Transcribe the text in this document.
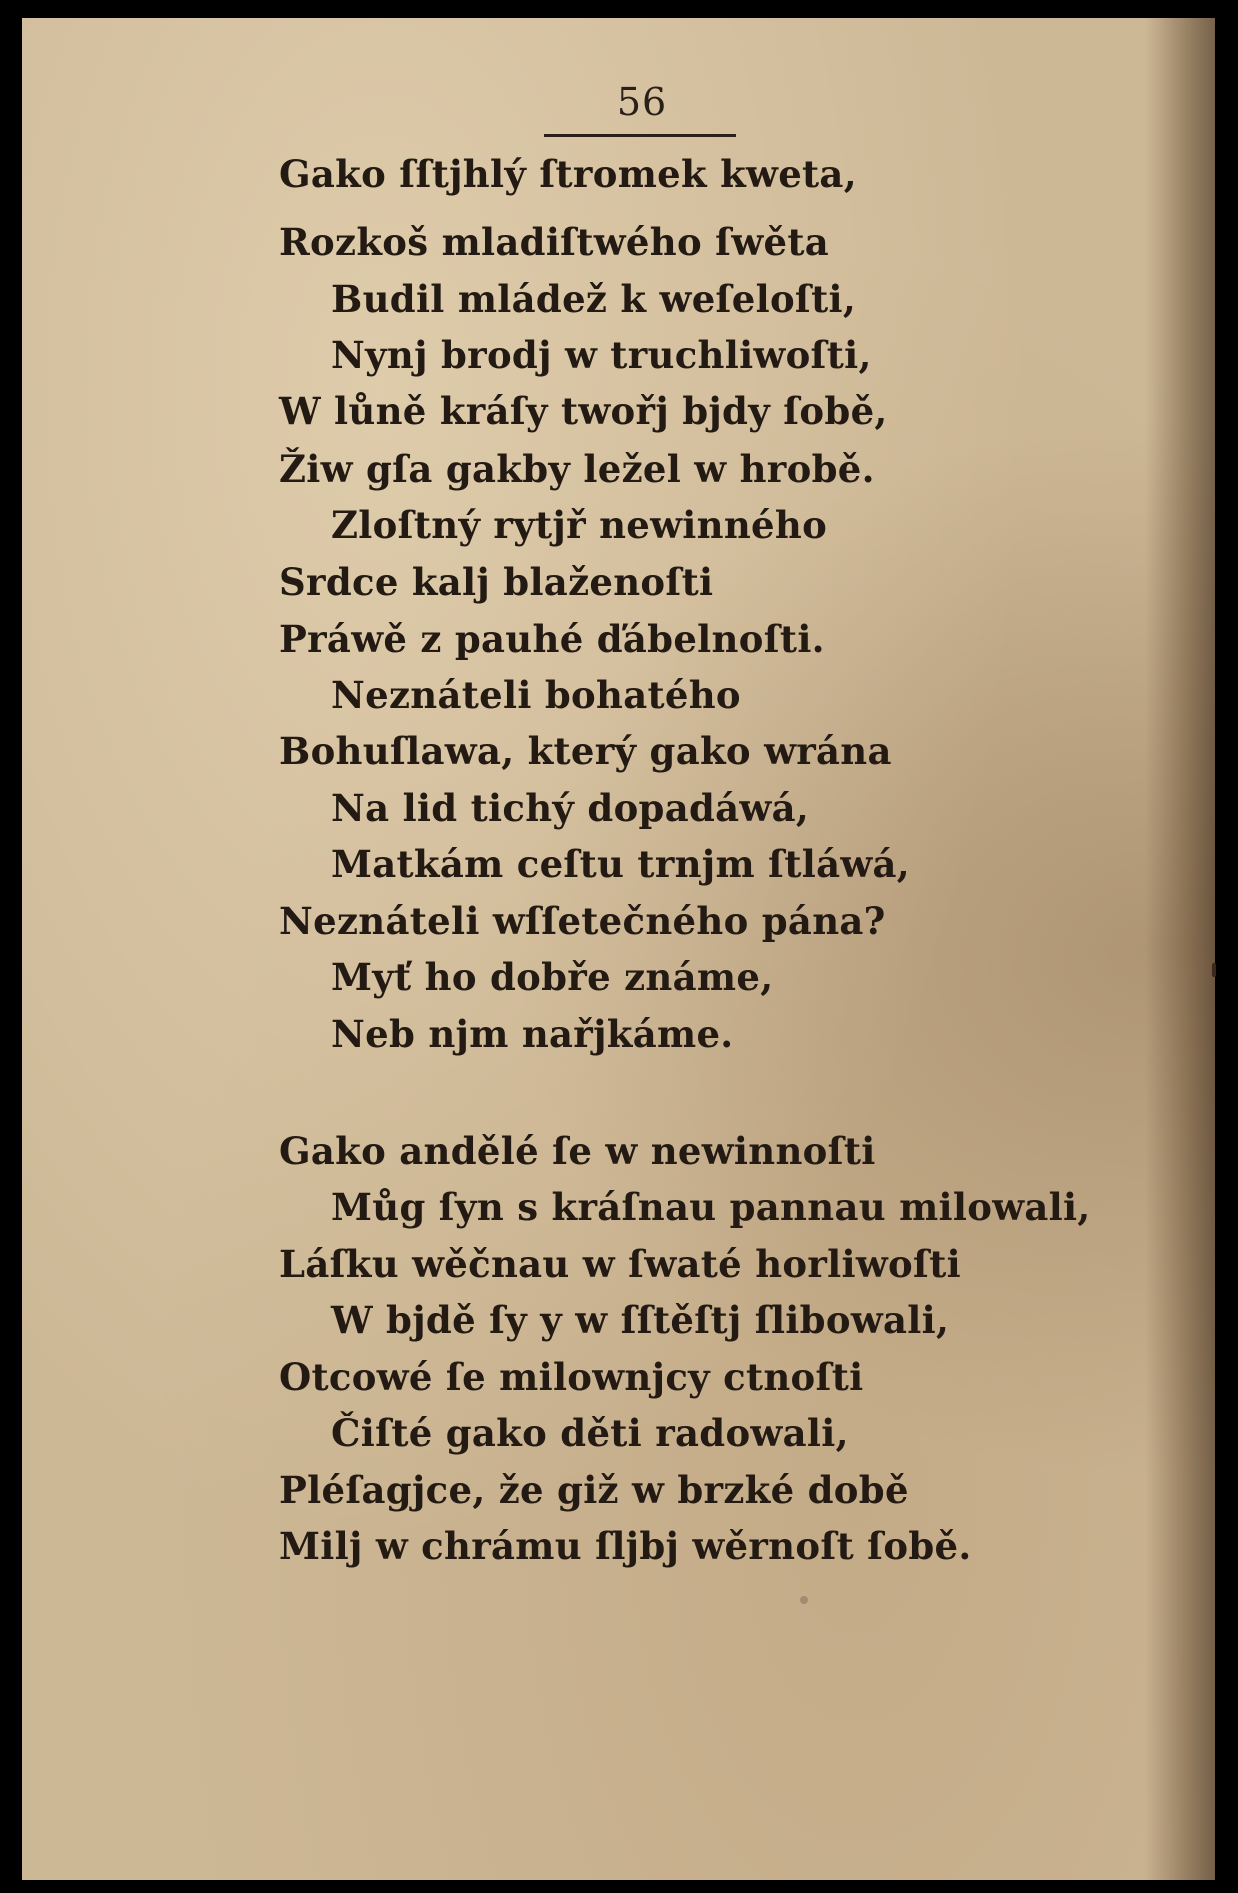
56
Gako ſſtjhlý ſtromek kweta,
Rozkoš mladiſtwého ſwěta
Budil mládež k weſeloſti,
Nynj brodj w truchliwoſti,
W lůně kráſy twořj bjdy ſobě,
Žiw gſa gakby ležel w hrobě.
Zloſtný rytjř newinného
Srdce kalj blaženoſti
Práwě z pauhé ďábelnoſti.
Neznáteli bohatého
Bohuſlawa, který gako wrána
Na lid tichý dopadáwá,
Matkám ceſtu trnjm ſtláwá,
Neznáteli wſſetečného pána?
Myť ho dobře známe,
Neb njm nařjkáme.
Gako andělé ſe w newinnoſti
Můg ſyn s kráſnau pannau milowali,
Láſku wěčnau w ſwaté horliwoſti
W bjdě ſy y w ſſtěſtj ſlibowali,
Otcowé ſe milownjcy ctnoſti
Čiſté gako děti radowali,
Pléſagjce, že giž w brzké době
Milj w chrámu ſljbj wěrnoſt ſobě.
